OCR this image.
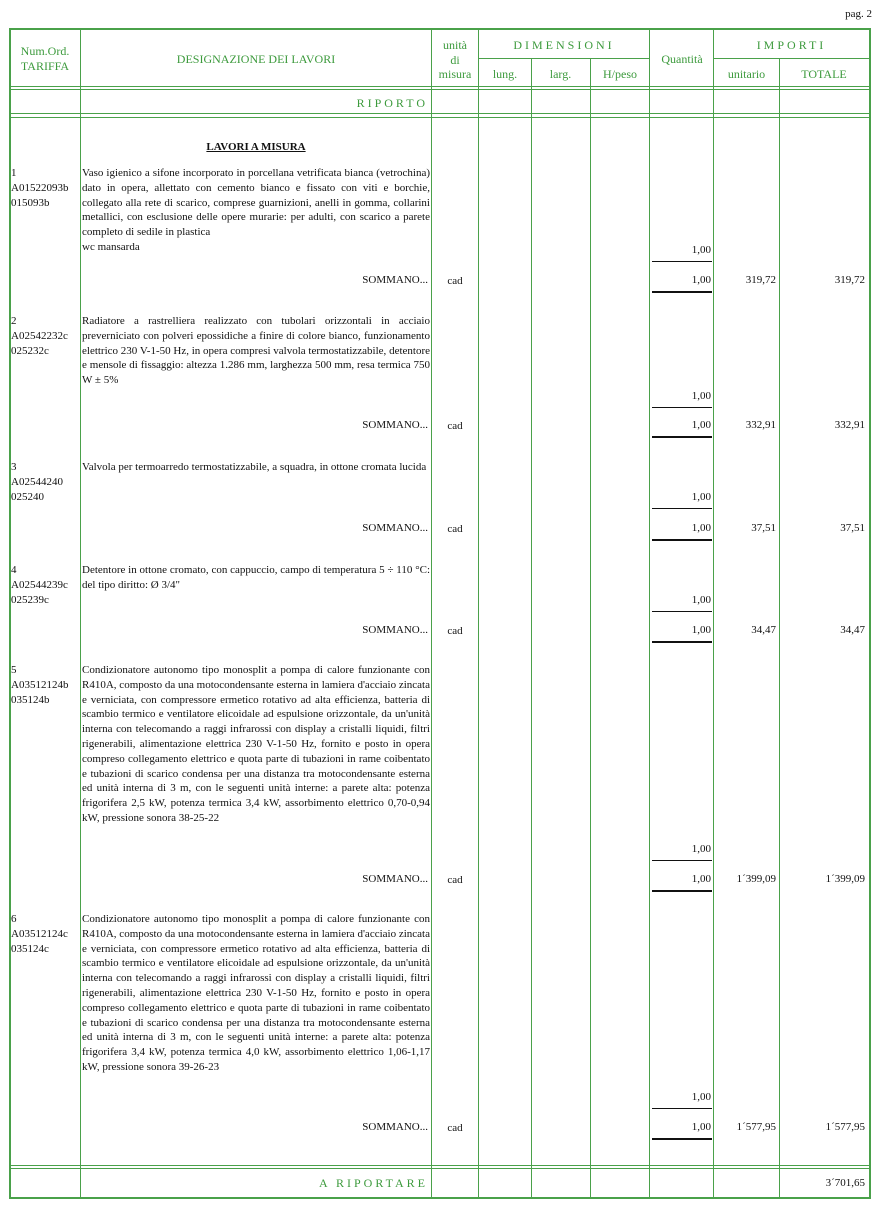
pag. 2
Num.Ord.
TARIFFA	DESIGNAZIONE DEI LAVORI
unità
di
misura
DIMENSIONI
lung.	larg.	H/peso
Quantità
IMPORTI
unitario	TOTALE
RIPORTO
LAVORI A MISURA
1
A01522093b
015093b
Vaso igienico a sifone incorporato in porcellana vetrificata bianca (vetrochina) dato in opera, allettato con cemento bianco e fissato con viti e borchie, collegato alla rete di scarico, comprese guarnizioni, anelli in gomma, collarini metallici, con esclusione delle opere murarie: per adulti, con scarico a parete completo di sedile in plastica
wc mansarda	1,00
SOMMANO...	cad	1,00	319,72	319,72
2
A02542232c
025232c
Radiatore a rastrelliera realizzato con tubolari orizzontali in acciaio preverniciato con polveri epossidiche a finire di colore bianco, funzionamento elettrico 230 V-1-50 Hz, in opera compresi valvola termostatizzabile, detentore e mensole di fissaggio: altezza 1.286 mm, larghezza 500 mm, resa termica 750 W ± 5%
1,00
SOMMANO...	cad	1,00	332,91	332,91
3
A02544240
025240
Valvola per termoarredo termostatizzabile, a squadra, in ottone cromata lucida
1,00
SOMMANO...	cad	1,00	37,51	37,51
4
A02544239c
025239c
Detentore in ottone cromato, con cappuccio, campo di temperatura 5 ÷ 110 °C: del tipo diritto: Ø 3/4"
1,00
SOMMANO...	cad	1,00	34,47	34,47
5
A03512124b
035124b
Condizionatore autonomo tipo monosplit a pompa di calore funzionante con R410A, composto da una motocondensante esterna in lamiera d'acciaio zincata e verniciata, con compressore ermetico rotativo ad alta efficienza, batteria di scambio termico e ventilatore elicoidale ad espulsione orizzontale, da un'unità interna con telecomando a raggi infrarossi con display a cristalli liquidi, filtri rigenerabili, alimentazione elettrica 230 V-1-50 Hz, fornito e posto in opera compreso collegamento elettrico e quota parte di tubazioni in rame coibentato e tubazioni di scarico condensa per una distanza tra motocondensante esterna ed unità interna di 3 m, con le seguenti unità interne: a parete alta: potenza frigorifera 2,5 kW, potenza termica 3,4 kW, assorbimento elettrico 0,70-0,94 kW, pressione sonora 38-25-22
1,00
SOMMANO...	cad	1,00	1´399,09	1´399,09
6
A03512124c
035124c
Condizionatore autonomo tipo monosplit a pompa di calore funzionante con R410A, composto da una motocondensante esterna in lamiera d'acciaio zincata e verniciata, con compressore ermetico rotativo ad alta efficienza, batteria di scambio termico e ventilatore elicoidale ad espulsione orizzontale, da un'unità interna con telecomando a raggi infrarossi con display a cristalli liquidi, filtri rigenerabili, alimentazione elettrica 230 V-1-50 Hz, fornito e posto in opera compreso collegamento elettrico e quota parte di tubazioni in rame coibentato e tubazioni di scarico condensa per una distanza tra motocondensante esterna ed unità interna di 3 m, con le seguenti unità interne: a parete alta: potenza frigorifera 3,4 kW, potenza termica 4,0 kW, assorbimento elettrico 1,06-1,17 kW, pressione sonora 39-26-23
1,00
SOMMANO...	cad	1,00	1´577,95	1´577,95
A RIPORTARE	3´701,65
